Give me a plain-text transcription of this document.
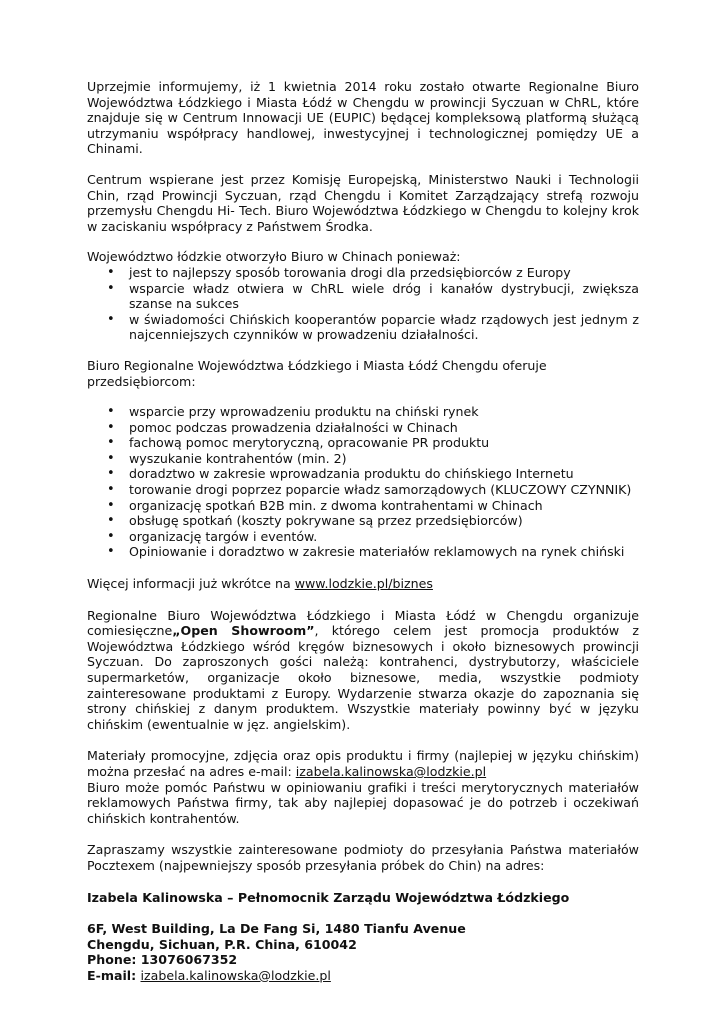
Uprzejmie informujemy, iż 1 kwietnia 2014 roku zostało otwarte Regionalne Biuro Województwa Łódzkiego i Miasta Łódź w Chengdu w prowincji Syczuan w ChRL, które znajduje się w Centrum Innowacji UE (EUPIC) będącej kompleksową platformą służącą utrzymaniu współpracy handlowej, inwestycyjnej i technologicznej pomiędzy UE a Chinami.

Centrum wspierane jest przez Komisję Europejską, Ministerstwo Nauki i Technologii Chin, rząd Prowincji Syczuan, rząd Chengdu i Komitet Zarządzający strefą rozwoju przemysłu Chengdu Hi- Tech. Biuro Województwa Łódzkiego w Chengdu to kolejny krok w zaciskaniu współpracy z Państwem Środka.

Województwo łódzkie otworzyło Biuro w Chinach ponieważ:

• jest to najlepszy sposób torowania drogi dla przedsiębiorców z Europy
• wsparcie władz otwiera w ChRL wiele dróg i kanałów dystrybucji, zwiększa szanse na sukces
• w świadomości Chińskich kooperantów poparcie władz rządowych jest jednym z najcenniejszych czynników w prowadzeniu działalności.

Biuro Regionalne Województwa Łódzkiego i Miasta Łódź Chengdu oferuje przedsiębiorcom:

• wsparcie przy wprowadzeniu produktu na chiński rynek
• pomoc podczas prowadzenia działalności w Chinach
• fachową pomoc merytoryczną, opracowanie PR produktu
• wyszukanie kontrahentów (min. 2)
• doradztwo w zakresie wprowadzania produktu do chińskiego Internetu
• torowanie drogi poprzez poparcie władz samorządowych (KLUCZOWY CZYNNIK)
• organizację spotkań B2B min. z dwoma kontrahentami w Chinach
• obsługę spotkań (koszty pokrywane są przez przedsiębiorców)
• organizację targów i eventów.
• Opiniowanie i doradztwo w zakresie materiałów reklamowych na rynek chiński

Więcej informacji już wkrótce na www.lodzkie.pl/biznes

Regionalne Biuro Województwa Łódzkiego i Miasta Łódź w Chengdu organizuje comiesięczne„Open Showroom”, którego celem jest promocja produktów z Województwa Łódzkiego wśród kręgów biznesowych i około biznesowych prowincji Syczuan. Do zaproszonych gości należą: kontrahenci, dystrybutorzy, właściciele supermarketów, organizacje około biznesowe, media, wszystkie podmioty zainteresowane produktami z Europy. Wydarzenie stwarza okazje do zapoznania się strony chińskiej z danym produktem. Wszystkie materiały powinny być w języku chińskim (ewentualnie w jęz. angielskim).

Materiały promocyjne, zdjęcia oraz opis produktu i firmy (najlepiej w języku chińskim) można przesłać na adres e-mail: izabela.kalinowska@lodzkie.pl

Biuro może pomóc Państwu w opiniowaniu grafiki i treści merytorycznych materiałów reklamowych Państwa firmy, tak aby najlepiej dopasować je do potrzeb i oczekiwań chińskich kontrahentów.

Zapraszamy wszystkie zainteresowane podmioty do przesyłania Państwa materiałów Pocztexem (najpewniejszy sposób przesyłania próbek do Chin) na adres:

Izabela Kalinowska – Pełnomocnik Zarządu Województwa Łódzkiego

6F, West Building, La De Fang Si, 1480 Tianfu Avenue

Chengdu, Sichuan, P.R. China, 610042

Phone: 13076067352

E-mail: izabela.kalinowska@lodzkie.pl
